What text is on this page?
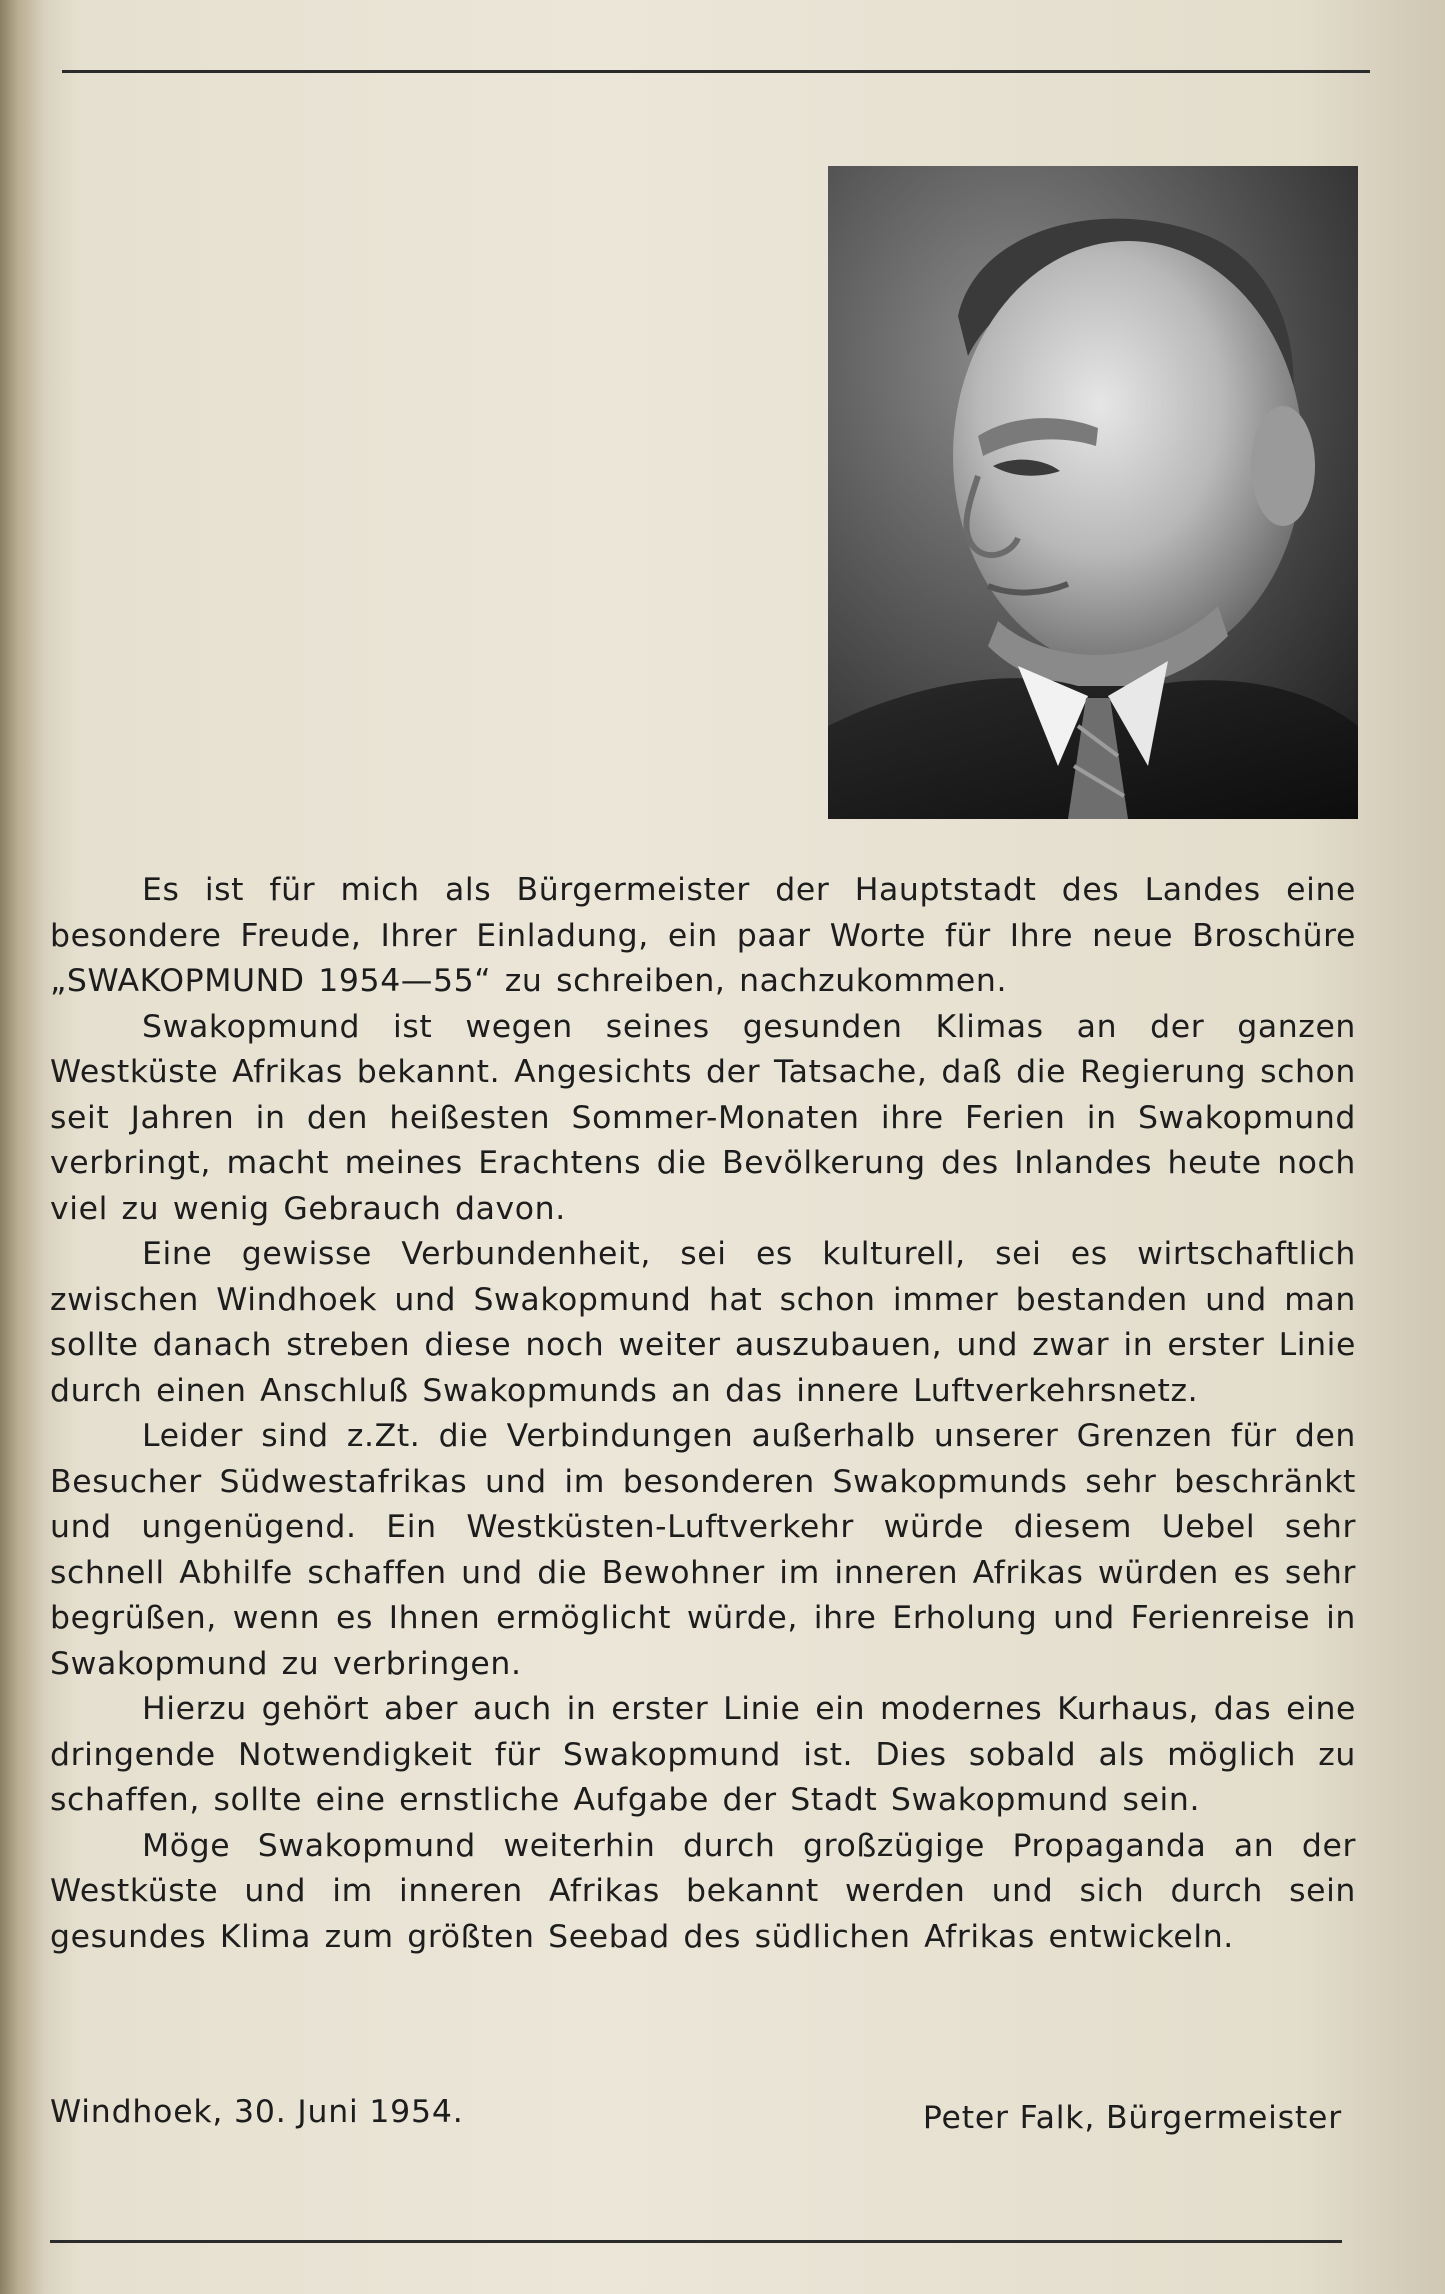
Es ist für mich als Bürgermeister der Hauptstadt des Landes eine besondere Freude, Ihrer Einladung, ein paar Worte für Ihre neue Broschüre „SWAKOPMUND 1954—55“ zu schreiben, nachzukommen.

Swakopmund ist wegen seines gesunden Klimas an der ganzen Westküste Afrikas bekannt. Angesichts der Tatsache, daß die Regierung schon seit Jahren in den heißesten Sommer-Monaten ihre Ferien in Swakopmund verbringt, macht meines Erachtens die Bevölkerung des Inlandes heute noch viel zu wenig Gebrauch davon.

Eine gewisse Verbundenheit, sei es kulturell, sei es wirtschaftlich zwischen Windhoek und Swakopmund hat schon immer bestanden und man sollte danach streben diese noch weiter auszubauen, und zwar in erster Linie durch einen Anschluß Swakopmunds an das innere Luftverkehrsnetz.

Leider sind z.Zt. die Verbindungen außerhalb unserer Grenzen für den Besucher Südwestafrikas und im besonderen Swakopmunds sehr beschränkt und ungenügend. Ein Westküsten-Luftverkehr würde diesem Uebel sehr schnell Abhilfe schaffen und die Bewohner im inneren Afrikas würden es sehr begrüßen, wenn es Ihnen ermöglicht würde, ihre Erholung und Ferienreise in Swakopmund zu verbringen.

Hierzu gehört aber auch in erster Linie ein modernes Kurhaus, das eine dringende Notwendigkeit für Swakopmund ist. Dies sobald als möglich zu schaffen, sollte eine ernstliche Aufgabe der Stadt Swakopmund sein.

Möge Swakopmund weiterhin durch großzügige Propaganda an der Westküste und im inneren Afrikas bekannt werden und sich durch sein gesundes Klima zum größten Seebad des südlichen Afrikas entwickeln.

Windhoek, 30. Juni 1954.	Peter Falk, Bürgermeister
